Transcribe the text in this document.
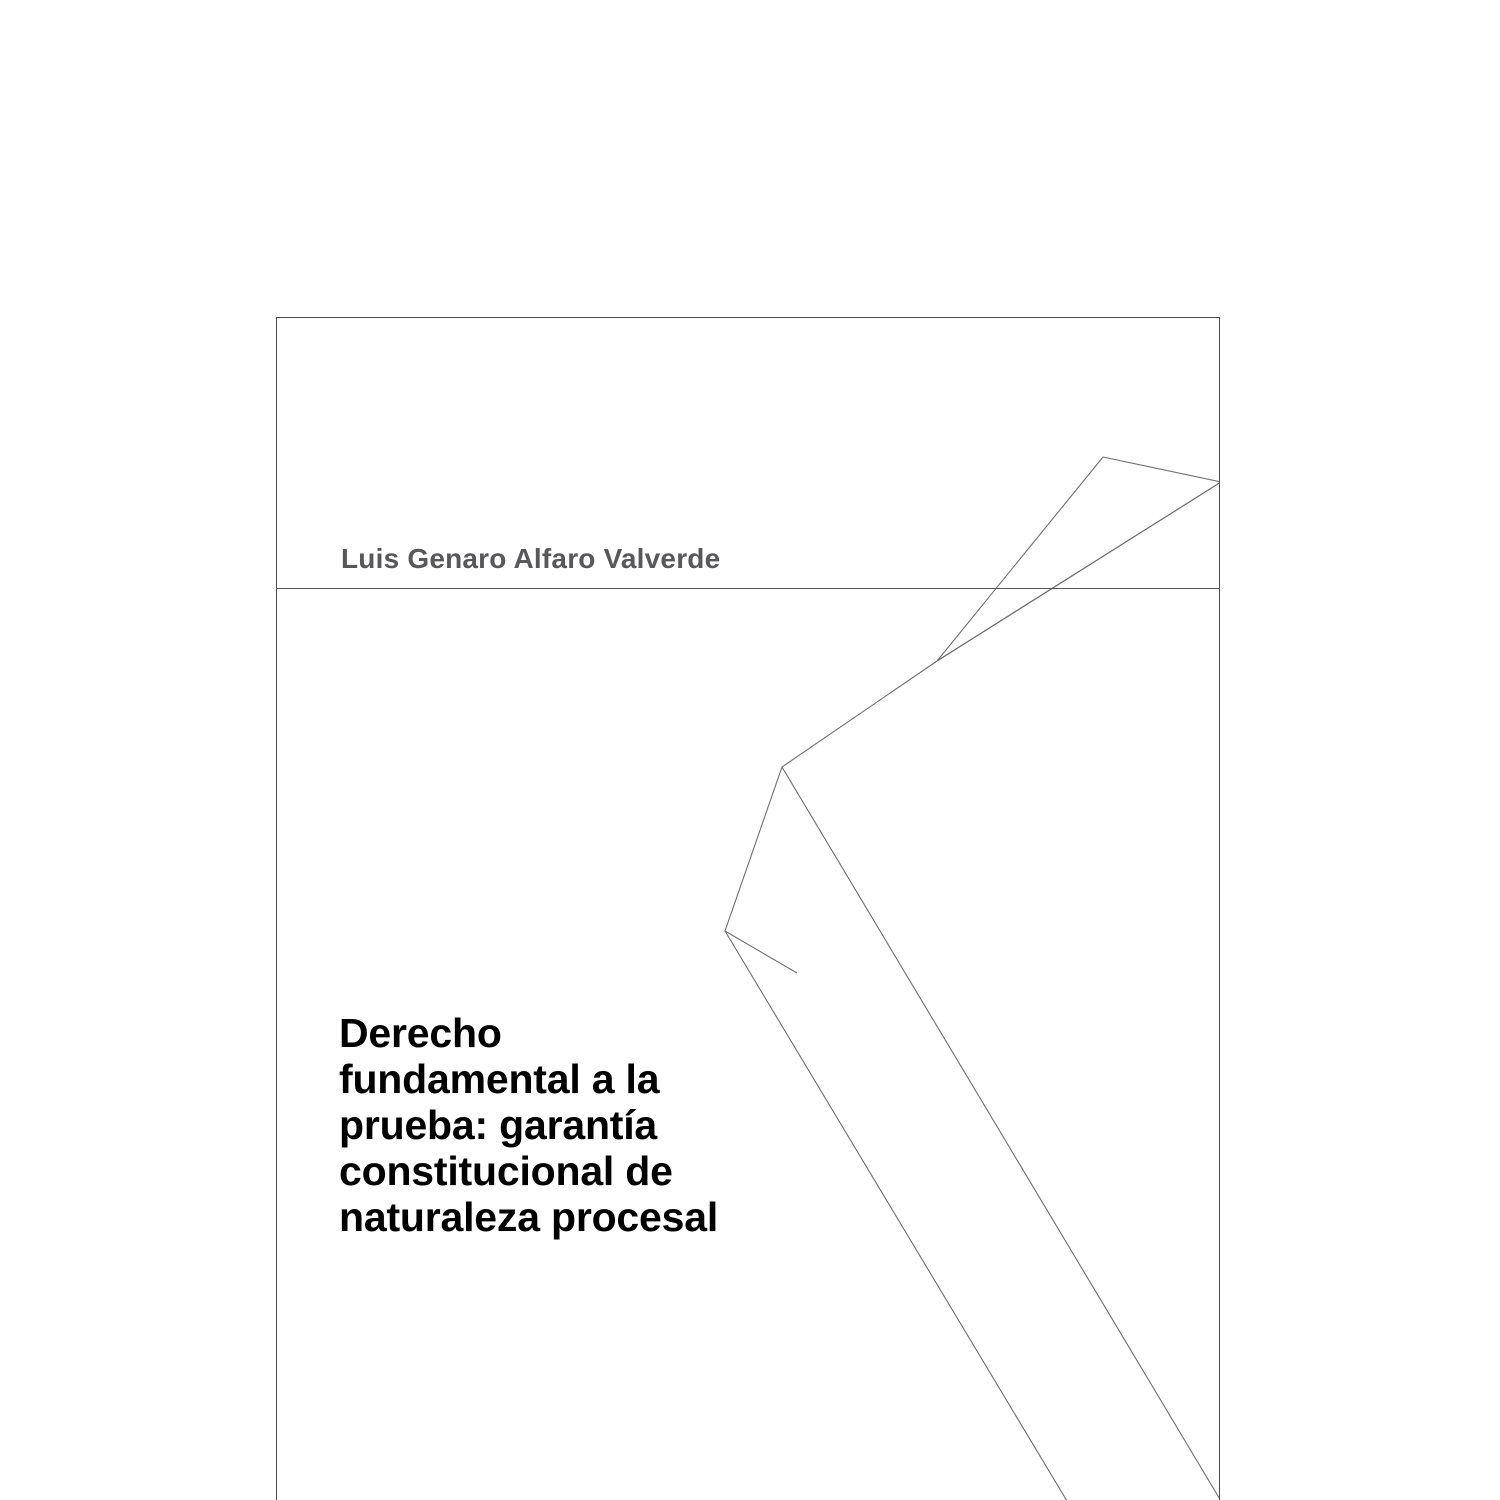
Luis Genaro Alfaro Valverde
Derecho
fundamental a la
prueba: garantía
constitucional de
naturaleza procesal
